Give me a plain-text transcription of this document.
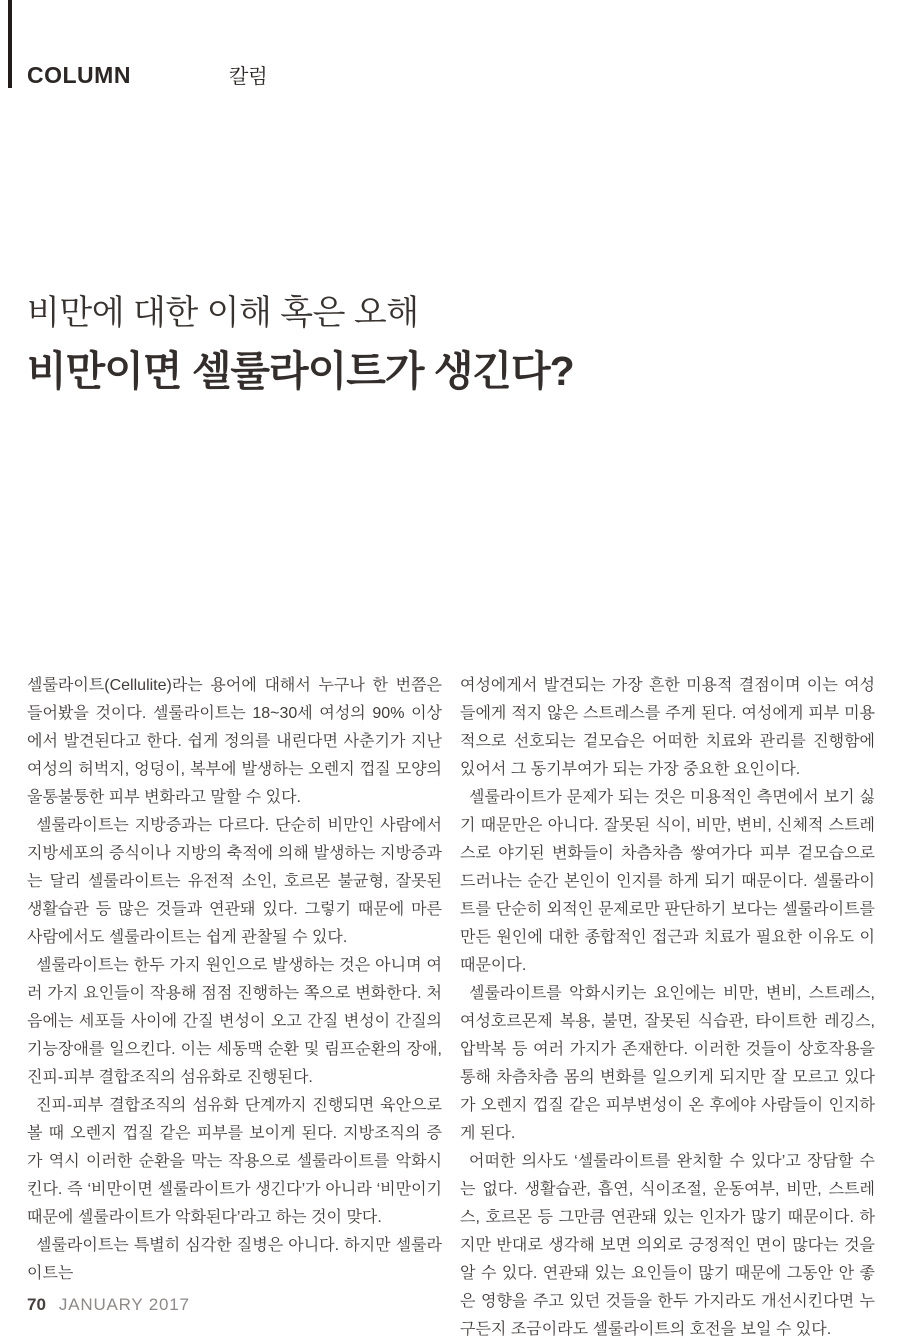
COLUMN	칼럼
비만에 대한 이해 혹은 오해
비만이면 셀룰라이트가 생긴다?

셀룰라이트(Cellulite)라는 용어에 대해서 누구나 한 번쯤은 들어봤을 것이다. 셀룰라이트는 18~30세 여성의 90% 이상에서 발견된다고 한다. 쉽게 정의를 내린다면 사춘기가 지난 여성의 허벅지, 엉덩이, 복부에 발생하는 오렌지 껍질 모양의 울통불퉁한 피부 변화라고 말할 수 있다.

셀룰라이트는 지방증과는 다르다. 단순히 비만인 사람에서 지방세포의 증식이나 지방의 축적에 의해 발생하는 지방증과는 달리 셀룰라이트는 유전적 소인, 호르몬 불균형, 잘못된 생활습관 등 많은 것들과 연관돼 있다. 그렇기 때문에 마른 사람에서도 셀룰라이트는 쉽게 관찰될 수 있다.

셀룰라이트는 한두 가지 원인으로 발생하는 것은 아니며 여러 가지 요인들이 작용해 점점 진행하는 쪽으로 변화한다. 처음에는 세포들 사이에 간질 변성이 오고 간질 변성이 간질의 기능장애를 일으킨다. 이는 세동맥 순환 및 림프순환의 장애, 진피-피부 결합조직의 섬유화로 진행된다.

진피-피부 결합조직의 섬유화 단계까지 진행되면 육안으로 볼 때 오렌지 껍질 같은 피부를 보이게 된다. 지방조직의 증가 역시 이러한 순환을 막는 작용으로 셀룰라이트를 악화시킨다. 즉 ‘비만이면 셀룰라이트가 생긴다’가 아니라 ‘비만이기 때문에 셀룰라이트가 악화된다’라고 하는 것이 맞다.

셀룰라이트는 특별히 심각한 질병은 아니다. 하지만 셀룰라이트는

여성에게서 발견되는 가장 흔한 미용적 결점이며 이는 여성들에게 적지 않은 스트레스를 주게 된다. 여성에게 피부 미용적으로 선호되는 겉모습은 어떠한 치료와 관리를 진행함에 있어서 그 동기부여가 되는 가장 중요한 요인이다.

셀룰라이트가 문제가 되는 것은 미용적인 측면에서 보기 싫기 때문만은 아니다. 잘못된 식이, 비만, 변비, 신체적 스트레스로 야기된 변화들이 차츰차츰 쌓여가다 피부 겉모습으로 드러나는 순간 본인이 인지를 하게 되기 때문이다. 셀룰라이트를 단순히 외적인 문제로만 판단하기 보다는 셀룰라이트를 만든 원인에 대한 종합적인 접근과 치료가 필요한 이유도 이 때문이다.

셀룰라이트를 악화시키는 요인에는 비만, 변비, 스트레스, 여성호르몬제 복용, 불면, 잘못된 식습관, 타이트한 레깅스, 압박복 등 여러 가지가 존재한다. 이러한 것들이 상호작용을 통해 차츰차츰 몸의 변화를 일으키게 되지만 잘 모르고 있다가 오렌지 껍질 같은 피부변성이 온 후에야 사람들이 인지하게 된다.

어떠한 의사도 ‘셀룰라이트를 완치할 수 있다’고 장담할 수는 없다. 생활습관, 흡연, 식이조절, 운동여부, 비만, 스트레스, 호르몬 등 그만큼 연관돼 있는 인자가 많기 때문이다. 하지만 반대로 생각해 보면 의외로 긍정적인 면이 많다는 것을 알 수 있다. 연관돼 있는 요인들이 많기 때문에 그동안 안 좋은 영향을 주고 있던 것들을 한두 가지라도 개선시킨다면 누구든지 조금이라도 셀룰라이트의 호전을 보일 수 있다.

70 JANUARY 2017
